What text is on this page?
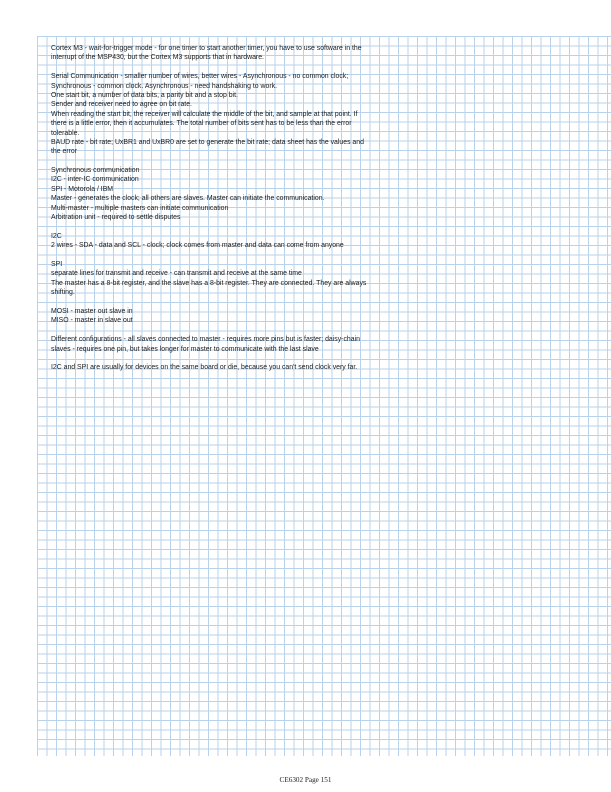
Cortex M3 - wait-for-trigger mode - for one timer to start another timer, you have to use software in the
interrupt of the MSP430, but the Cortex M3 supports that in hardware.
Serial Communication - smaller number of wires, better wires - Asynchronous - no common clock;
Synchronous - common clock. Asynchronous - need handshaking to work.
One start bit, a number of data bits, a parity bit and a stop bit.
Sender and receiver need to agree on bit rate.
When reading the start bit, the receiver will calculate the middle of the bit, and sample at that point. If
there is a little error, then it accumulates. The total number of bits sent has to be less than the error
tolerable.
BAUD rate - bit rate; UxBR1 and UxBR0 are set to generate the bit rate; data sheet has the values and
the error
Synchronous communication
I2C - inter-IC communication
SPI - Motorola / IBM
Master - generates the clock; all others are slaves. Master can initiate the communication.
Multi-master - multiple masters can initiate communication
Arbitration unit - required to settle disputes
I2C
2 wires - SDA - data and SCL - clock; clock comes from master and data can come from anyone
SPI
separate lines for transmit and receive - can transmit and receive at the same time
The master has a 8-bit register, and the slave has a 8-bit register. They are connected. They are always
shifting.
MOSI - master out slave in
MISO - master in slave out
Different configurations - all slaves connected to master - requires more pins but is faster; daisy-chain
slaves - requires one pin, but takes longer for master to communicate with the last slave
I2C and SPI are usually for devices on the same board or die, because you can't send clock very far.
CE6302 Page 151
